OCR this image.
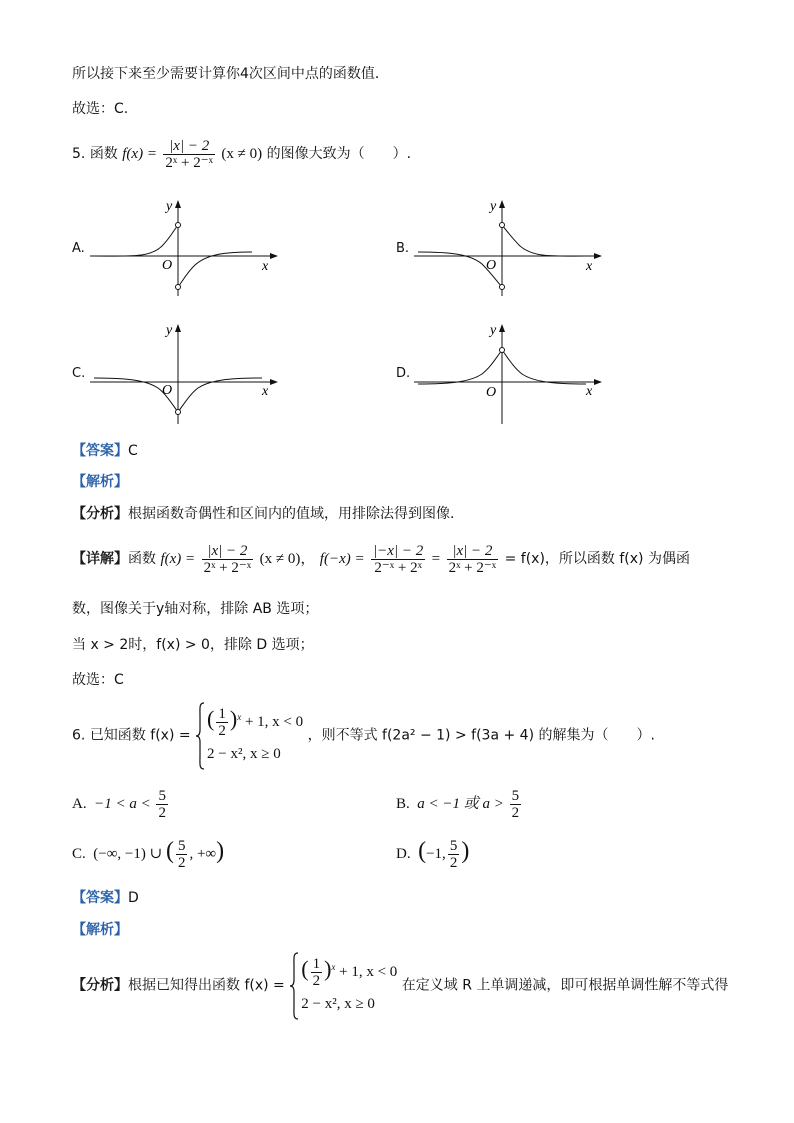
所以接下来至少需要计算你4次区间中点的函数值．
故选：C.
5. 函数 $f(x) = \frac{|x| - 2}{\text{2ˣ + 2⁻ˣ}} (x \ne 0)$ 的图像大致为（　　）.
A.
x
y
O
B.
x
y
O
C.
x
y
O
D.
x
y
O
【答案】C
【解析】
【分析】根据函数奇偶性和区间内的值域，用排除法得到图像.
【详解】函数 $f(x) = \frac{|x| - 2}{\text{2ˣ + 2⁻ˣ}} (x \ne 0)$， $f(-x) = \frac{|-x| - 2}{\text{2⁻ˣ + 2ˣ}} = \frac{|x| - 2}{\text{2ˣ + 2⁻ˣ}} = f(x)$，所以函数 f(x) 为偶函
数，图像关于y轴对称，排除 AB 选项；
当 x > 2时，f(x) > 0，排除 D 选项；
故选：C
6. 已知函数 f(x) =
( $\frac{1}{2} )^x + 1$, x < 0
2 − x², x ≥ 0
，则不等式 f(2a² − 1) > f(3a + 4) 的解集为（　　）.
A. $-1 < a < \frac{5}{2}$	B. a < −1 或 $a > \frac{5}{2}$
C. (−∞, −1) ∪ ( $\frac{5}{2}$ , +∞)	D. (−1, $\frac{5}{2}$ )
【答案】D
【解析】
【分析】根据已知得出函数 f(x) =
( $\frac{1}{2} )^x + 1$, x < 0
2 − x², x ≥ 0
在定义域 R 上单调递减，即可根据单调性解不等式得
